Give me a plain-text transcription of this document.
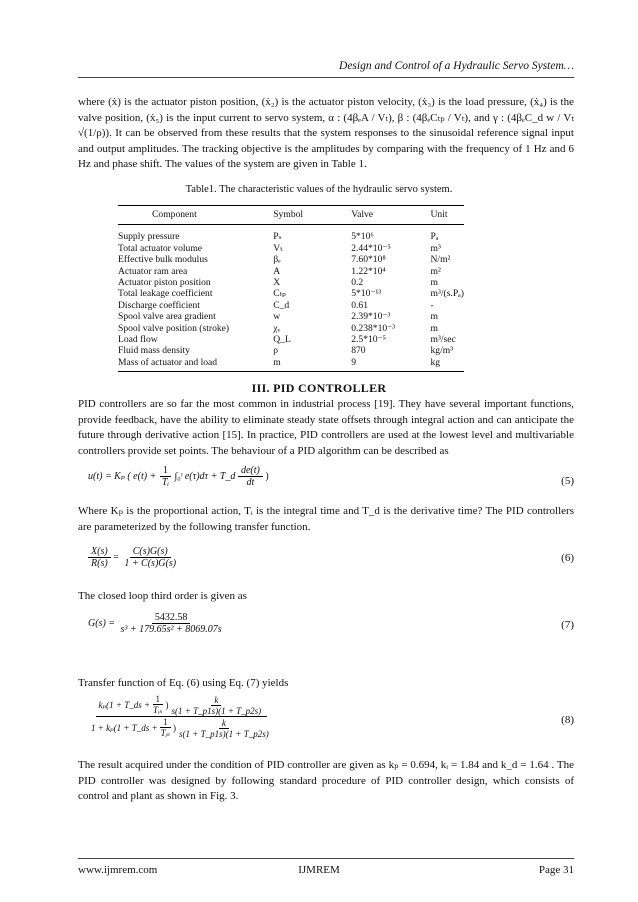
Design and Control of a Hydraulic Servo System…
where (ẋ) is the actuator piston position, (ẋ₂) is the actuator piston velocity, (ẋ₃) is the load pressure, (ẋ₄) is the valve position, (ẋ₅) is the input current to servo system, α : (4βₑA / Vₜ), β : (4βₑCₜₚ / Vₜ), and γ : (4βₑC_d w / Vₜ √(1/ρ)). It can be observed from these results that the system responses to the sinusoidal reference signal input and output amplitudes. The tracking objective is the amplitudes by comparing with the frequency of 1 Hz and 6 Hz and phase shift. The values of the system are given in Table 1.
Table1. The characteristic values of the hydraulic servo system.
Component	Symbol	Valve	Unit
Supply pressure	Pₛ	5*10⁶	Pₐ
Total actuator volume	Vₜ	2.44*10⁻⁵	m³
Effective bulk modulus	βₑ	7.60*10⁸	N/m²
Actuator ram area	A	1.22*10⁴	m²
Actuator piston position	X	0.2	m
Total leakage coefficient	Cₜₚ	5*10⁻¹³	m³/(s.Pₐ)
Discharge coefficient	C_d	0.61	-
Spool valve area gradient	w	2.39*10⁻³	m
Spool valve position (stroke)	χᵥ	0.238*10⁻³	m
Load flow	Q_L	2.5*10⁻⁵	m³/sec
Fluid mass density	ρ	870	kg/m³
Mass of actuator and load	m	9	kg
III. PID CONTROLLER
PID controllers are so far the most common in industrial process [19]. They have several important functions, provide feedback, have the ability to eliminate steady state offsets through integral action and can anticipate the future through derivative action [15]. In practice, PID controllers are used at the lowest level and multivariable controllers provide set points. The behaviour of a PID algorithm can be described as
u(t) = Kₚ ( $e(t) + \frac{1}{\text{Tᵢ}}$ ∫₀ᵗ e(τ)dτ + T_d $\frac{de(t)}{dt}$ )	(5)
Where Kₚ is the proportional action, Tᵢ is the integral time and T_d is the derivative time? The PID controllers are parameterized by the following transfer function.
$\frac{X(s)}{R(s)} = \frac{C(s)G(s)}{1 + C(s)G(s)}$	(6)
The closed loop third order is given as
$G(s) = \frac{5432.58}{\text{s³ + 179.65s² + 8069.07s}}$	(7)
Transfer function of Eq. (6) using Eq. (7) yields
kₚ(1 + T_ds + $\frac{1}{\text{Tᵢₛ}}$ ) $\frac{k}{s(1 + T\_p1s)(1 + T\_p2s)}$
1 + kₚ(1 + T_ds + $\frac{1}{\text{Tᵢₛ}}$ ) $\frac{k}{s(1 + T\_p1s)(1 + T\_p2s)}$	(8)
The result acquired under the condition of PID controller are given as kₚ = 0.694, kᵢ = 1.84 and k_d = 1.64 . The PID controller was designed by following standard procedure of PID controller design, which consists of control and plant as shown in Fig. 3.
www.ijmrem.com	IJMREM	Page 31
